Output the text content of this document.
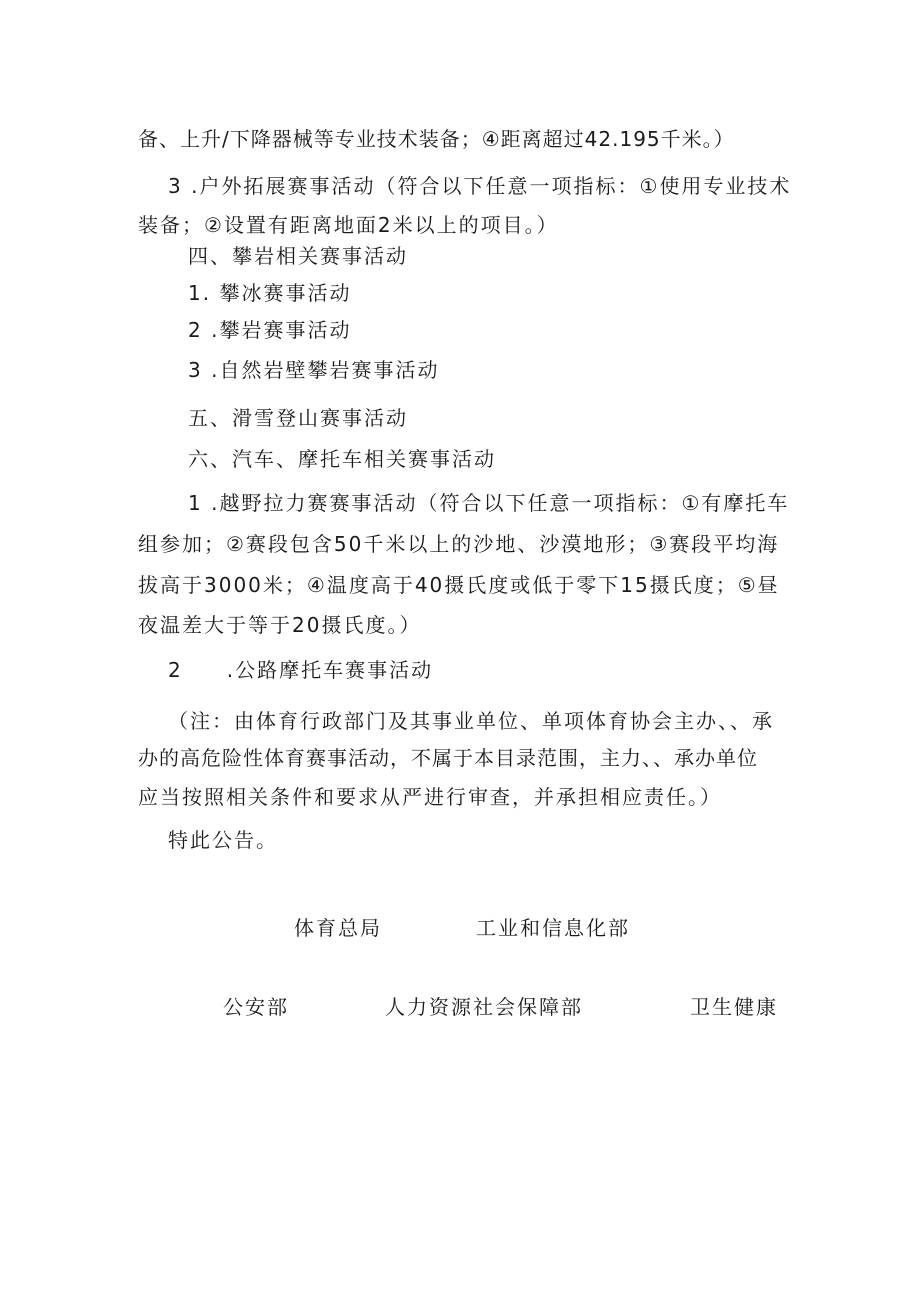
备、上升/下降器械等专业技术装备；④距离超过42.195千米。）
3 .户外拓展赛事活动（符合以下任意一项指标：①使用专业技术
装备；②设置有距离地面2米以上的项目。）
四、攀岩相关赛事活动
1. 攀冰赛事活动
2 .攀岩赛事活动
3 .自然岩壁攀岩赛事活动
五、滑雪登山赛事活动
六、汽车、摩托车相关赛事活动
1 .越野拉力赛赛事活动（符合以下任意一项指标：①有摩托车
组参加；②赛段包含50千米以上的沙地、沙漠地形；③赛段平均海
拔高于3000米；④温度高于40摄氏度或低于零下15摄氏度；⑤昼
夜温差大于等于20摄氏度。）
2　　.公路摩托车赛事活动
（注：由体育行政部门及其事业单位、单项体育协会主办、、承
办的高危险性体育赛事活动，不属于本目录范围，主力、、承办单位
应当按照相关条件和要求从严进行审查，并承担相应责任。）
特此公告。
体育总局	工业和信息化部
公安部	人力资源社会保障部	卫生健康
